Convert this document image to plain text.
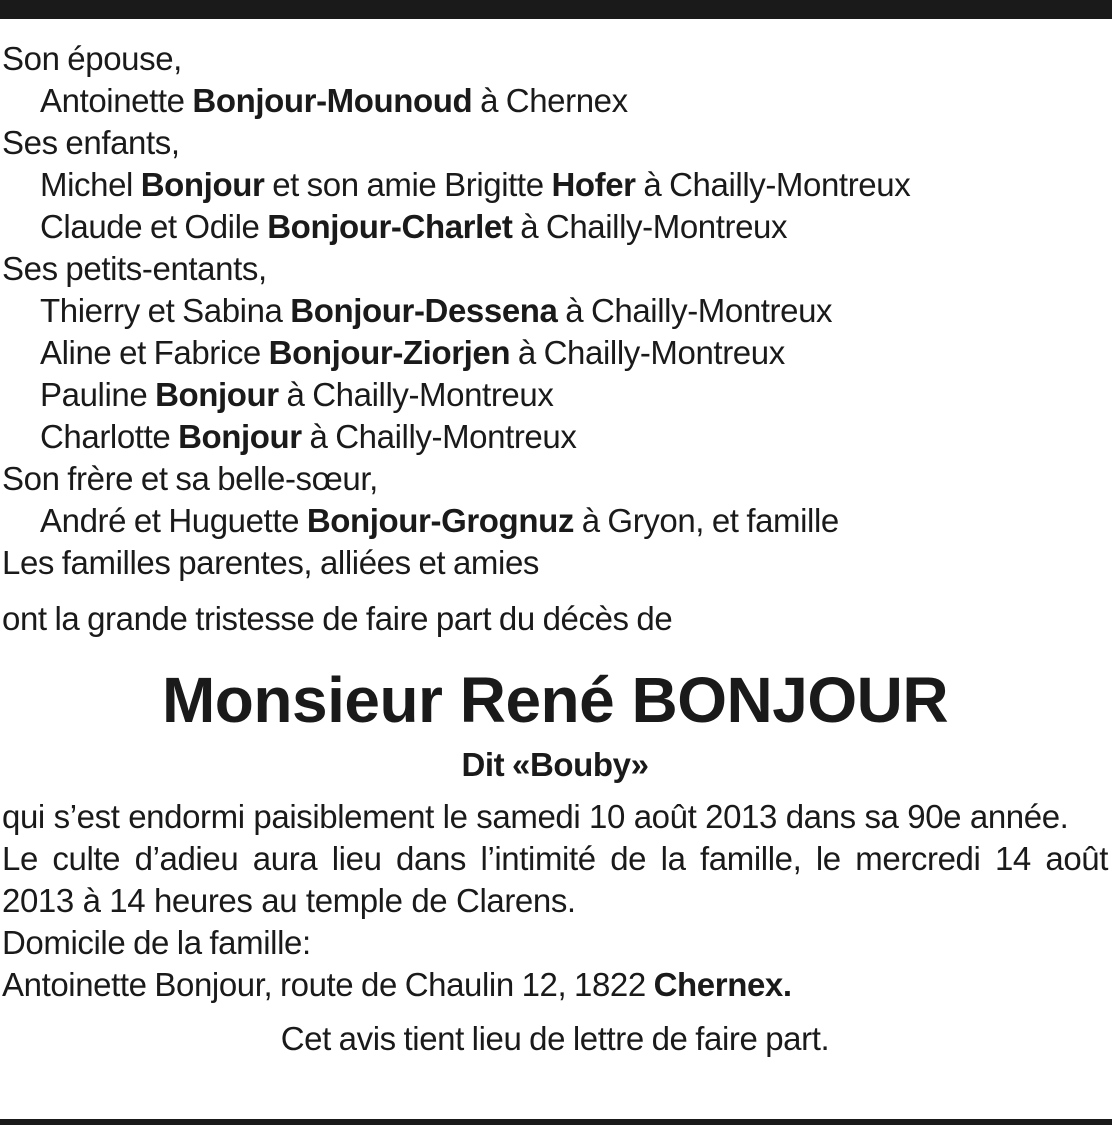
Son épouse,
Antoinette Bonjour-Mounoud à Chernex
Ses enfants,
Michel Bonjour et son amie Brigitte Hofer à Chailly-Montreux
Claude et Odile Bonjour-Charlet à Chailly-Montreux
Ses petits-entants,
Thierry et Sabina Bonjour-Dessena à Chailly-Montreux
Aline et Fabrice Bonjour-Ziorjen à Chailly-Montreux
Pauline Bonjour à Chailly-Montreux
Charlotte Bonjour à Chailly-Montreux
Son frère et sa belle-sœur,
André et Huguette Bonjour-Grognuz à Gryon, et famille
Les familles parentes, alliées et amies
ont la grande tristesse de faire part du décès de
Monsieur René BONJOUR
Dit «Bouby»
qui s’est endormi paisiblement le samedi 10 août 2013 dans sa 90e année.
Le culte d’adieu aura lieu dans l’intimité de la famille, le mercredi 14 août 2013 à 14 heures au temple de Clarens.
Domicile de la famille:
Antoinette Bonjour, route de Chaulin 12, 1822 Chernex.
Cet avis tient lieu de lettre de faire part.
